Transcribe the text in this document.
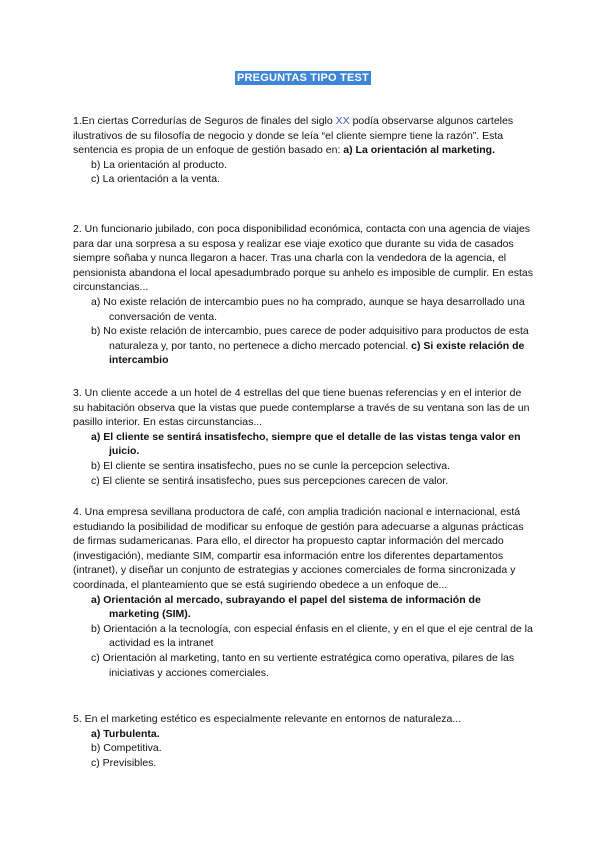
PREGUNTAS TIPO TEST

1.En ciertas Corredurías de Seguros de finales del siglo XX podía observarse algunos carteles ilustrativos de su filosofía de negocio y donde se leía “el cliente siempre tiene la razón”. Esta sentencia es propia de un enfoque de gestión basado en: a) La orientación al marketing.

b) La orientación al producto.
c) La orientación a la venta.

2. Un funcionario jubilado, con poca disponibilidad económica, contacta con una agencia de viajes para dar una sorpresa a su esposa y realizar ese viaje exotico que durante su vida de casados siempre soñaba y nunca llegaron a hacer. Tras una charla con la vendedora de la agencia, el pensionista abandona el local apesadumbrado porque su anhelo es imposible de cumplir. En estas circunstancias...

a) No existe relación de intercambio pues no ha comprado, aunque se haya desarrollado una conversación de venta.
b) No existe relación de intercambio, pues carece de poder adquisitivo para productos de esta naturaleza y, por tanto, no pertenece a dicho mercado potencial. c) Si existe relación de intercambio

3. Un cliente accede a un hotel de 4 estrellas del que tiene buenas referencias y en el interior de su habitación observa que la vistas que puede contemplarse a través de su ventana son las de un pasillo interior. En estas circunstancias...

a) El cliente se sentirá insatisfecho, siempre que el detalle de las vistas tenga valor en juicio.
b) El cliente se sentira insatisfecho, pues no se cunle la percepcion selectiva.
c) El cliente se sentirá insatisfecho, pues sus percepciones carecen de valor.

4. Una empresa sevillana productora de café, con amplia tradición nacional e internacional, está estudiando la posibilidad de modificar su enfoque de gestión para adecuarse a algunas prácticas de firmas sudamericanas. Para ello, el director ha propuesto captar información del mercado (investigación), mediante SIM, compartir esa información entre los diferentes departamentos (intranet), y diseñar un conjunto de estrategias y acciones comerciales de forma sincronizada y coordinada, el planteamiento que se está sugiriendo obedece a un enfoque de...

a) Orientación al mercado, subrayando el papel del sistema de información de marketing (SIM).
b) Orientación a la tecnología, con especial énfasis en el cliente, y en el que el eje central de la actividad es la intranet
c) Orientación al marketing, tanto en su vertiente estratégica como operativa, pilares de las iniciativas y acciones comerciales.

5. En el marketing estético es especialmente relevante en entornos de naturaleza...

a) Turbulenta.
b) Competitiva.
c) Previsibles.
